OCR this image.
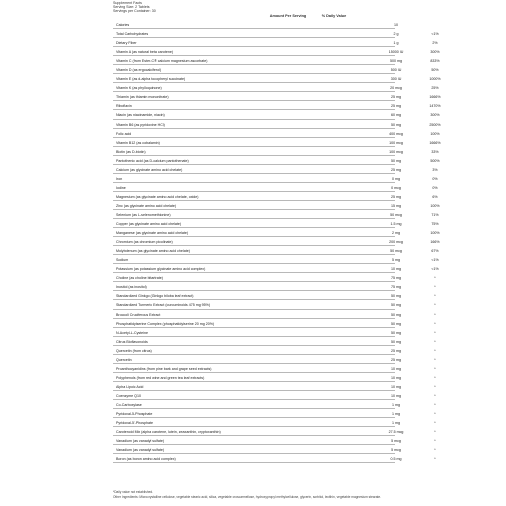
Supplement Facts
Serving Size: 2 Tablets
Servings per Container: 30
Amount Per Serving	% Daily Value
Calories	10
Total Carbohydrates	2 g	<1%
Dietary Fiber	1 g	2%
Vitamin A (as natural beta carotene)	15000 IU	300%
Vitamin C (from Ester-C® calcium magnesium ascorbate)	500 mg	833%
Vitamin D (as ergocalciferol)	500 IU	50%
Vitamin E (as d-alpha tocopheryl succinate)	300 IU	1000%
Vitamin K (as phylloquinone)	20 mcg	25%
Thiamin (as thiamin mononitrate)	25 mg	1666%
Riboflavin	25 mg	1470%
Niacin (as niacinamide, niacin)	60 mg	300%
Vitamin B6 (as pyridoxine HCl)	50 mg	2500%
Folic acid	400 mcg	100%
Vitamin B12 (as cobalamin)	100 mcg	1666%
Biotin (as D-biotin)	100 mcg	33%
Pantothenic acid (as D-calcium pantothenate)	50 mg	500%
Calcium (as glycinate amino acid chelate)	25 mg	3%
Iron	0 mg	0%
Iodine	0 mcg	0%
Magnesium (as glycinate amino acid chelate, oxide)	25 mg	6%
Zinc (as glycinate amino acid chelate)	15 mg	100%
Selenium (as L-selenomethionine)	50 mcg	71%
Copper (as glycinate amino acid chelate)	1.5 mg	75%
Manganese (as glycinate amino acid chelate)	2 mg	100%
Chromium (as chromium picolinate)	200 mcg	166%
Molybdenum (as glycinate amino acid chelate)	50 mcg	67%
Sodium	5 mg	<1%
Potassium (as potassium glycinate amino acid complex)	10 mg	<1%
Choline (as choline bitartrate)	75 mg	*
Inositol (as inositol)	75 mg	*
Standardized Ginkgo (Ginkgo biloba leaf extract)	50 mg	*
Standardized Turmeric Extract (curcuminoids 475 mg 95%)	50 mg	*
Broccoli Cruciferous Extract	50 mg	*
Phosphatidylserine Complex (phosphatidylserine 20 mg 20%)	50 mg	*
N-Acetyl-L-Cysteine	50 mg	*
Citrus Bioflavonoids	50 mg	*
Quercetin (from citrus)	25 mg	*
Quercetin	25 mg	*
Proanthocyanidins (from pine bark and grape seed extracts)	10 mg	*
Polyphenols (from red wine and green tea leaf extracts)	10 mg	*
Alpha Lipoic Acid	10 mg	*
Coenzyme Q10	10 mg	*
Co-Carboxylase	1 mg	*
Pyridoxal-5-Phosphate	1 mg	*
Pyridoxal-5'-Phosphate	1 mg	*
Carotenoid Mix (alpha carotene, lutein, zeaxanthin, cryptoxanthin)	27.5 mcg	*
Vanadium (as vanadyl sulfate)	5 mcg	*
Vanadium (as vanadyl sulfate)	5 mcg	*
Boron (as boron amino acid complex)	0.5 mg	*
*Daily value not established.
Other Ingredients: Microcrystalline cellulose, vegetable stearic acid, silica, vegetable croscarmellose, hydroxypropyl methylcellulose, glycerin, sorbitol, lecithin, vegetable magnesium stearate.
